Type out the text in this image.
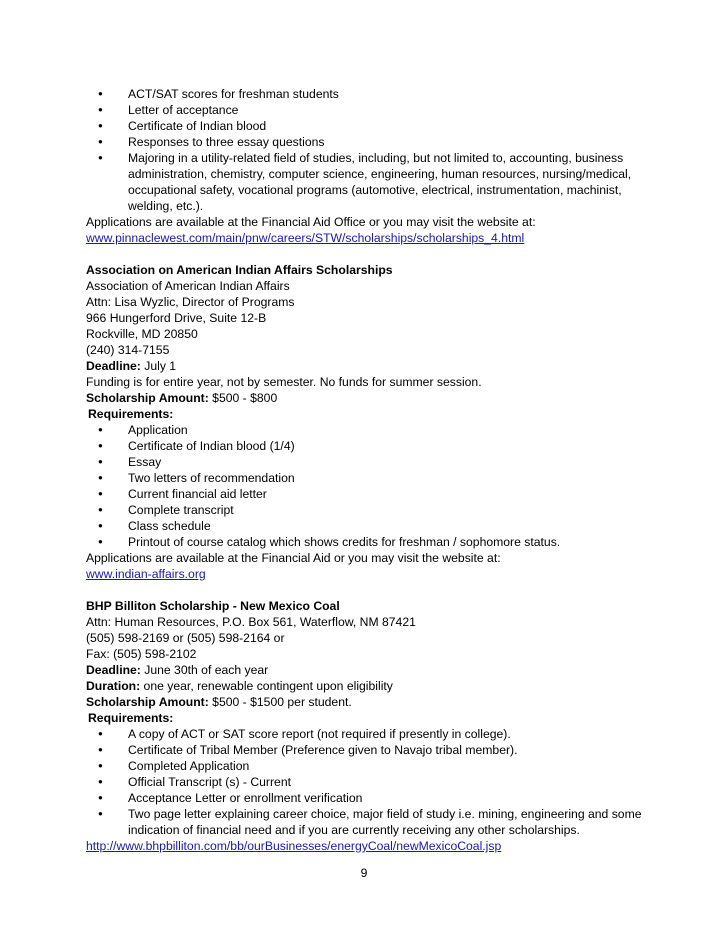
● ACT/SAT scores for freshman students
● Letter of acceptance
● Certificate of Indian blood
● Responses to three essay questions
● Majoring in a utility-related field of studies, including, but not limited to, accounting, business administration, chemistry, computer science, engineering, human resources, nursing/medical, occupational safety, vocational programs (automotive, electrical, instrumentation, machinist, welding, etc.).
Applications are available at the Financial Aid Office or you may visit the website at:
www.pinnaclewest.com/main/pnw/careers/STW/scholarships/scholarships_4.html
Association on American Indian Affairs Scholarships
Association of American Indian Affairs
Attn: Lisa Wyzlic, Director of Programs
966 Hungerford Drive, Suite 12-B
Rockville, MD 20850
(240) 314-7155
Deadline: July 1
Funding is for entire year, not by semester. No funds for summer session.
Scholarship Amount: $500 - $800
Requirements:
● Application
● Certificate of Indian blood (1/4)
● Essay
● Two letters of recommendation
● Current financial aid letter
● Complete transcript
● Class schedule
● Printout of course catalog which shows credits for freshman / sophomore status.
Applications are available at the Financial Aid or you may visit the website at:
www.indian-affairs.org
BHP Billiton Scholarship - New Mexico Coal
Attn: Human Resources, P.O. Box 561, Waterflow, NM 87421
(505) 598-2169 or (505) 598-2164 or
Fax: (505) 598-2102
Deadline: June 30th of each year
Duration: one year, renewable contingent upon eligibility
Scholarship Amount: $500 - $1500 per student.
Requirements:
● A copy of ACT or SAT score report (not required if presently in college).
● Certificate of Tribal Member (Preference given to Navajo tribal member).
● Completed Application
● Official Transcript (s) - Current
● Acceptance Letter or enrollment verification
● Two page letter explaining career choice, major field of study i.e. mining, engineering and some indication of financial need and if you are currently receiving any other scholarships.
http://www.bhpbilliton.com/bb/ourBusinesses/energyCoal/newMexicoCoal.jsp
9
